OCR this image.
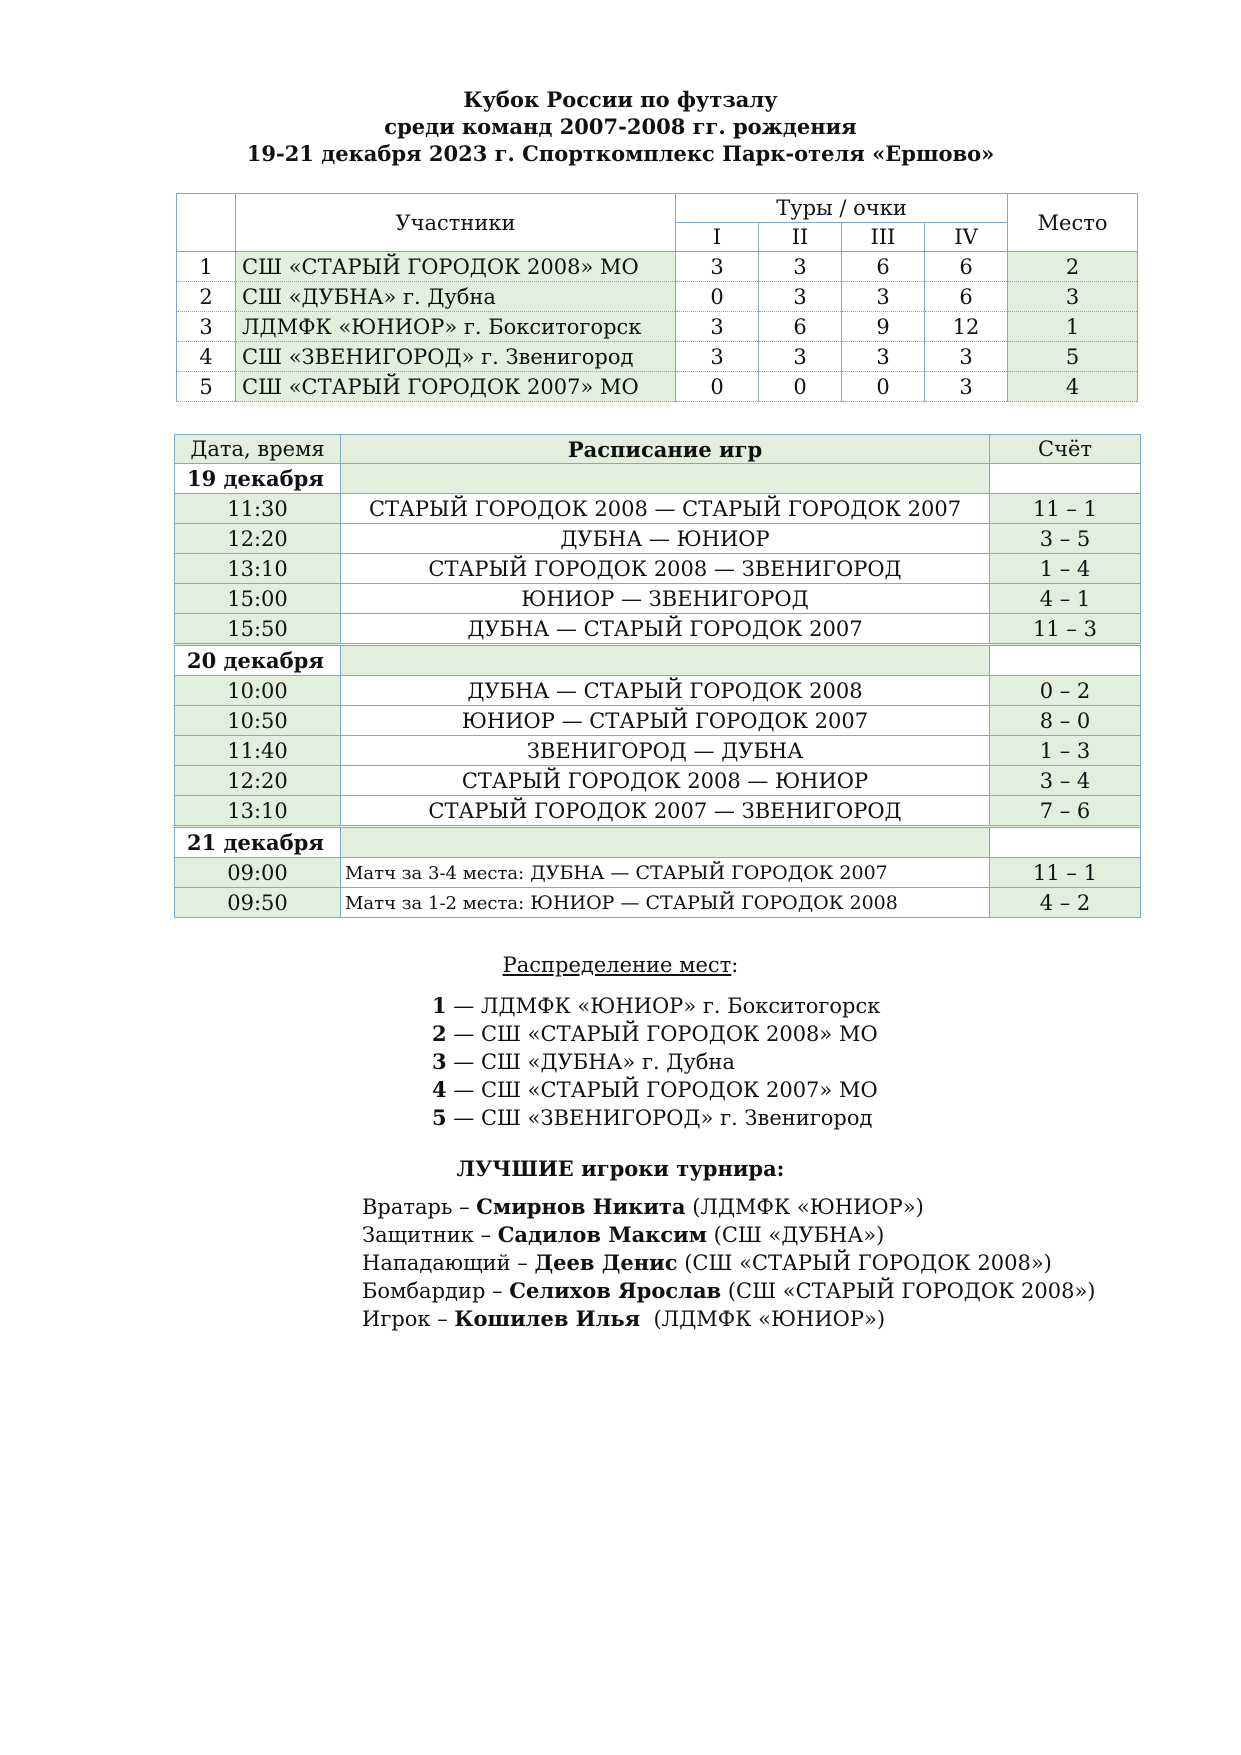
Кубок России по футзалу
среди команд 2007-2008 гг. рождения
19-21 декабря 2023 г. Спорткомплекс Парк-отеля «Ершово»
	Участники	Туры / очки				Место
		I	II	III	IV	
1	СШ «СТАРЫЙ ГОРОДОК 2008» МО	3	3	6	6	2
2	СШ «ДУБНА» г. Дубна	0	3	3	6	3
3	ЛДМФК «ЮНИОР» г. Бокситогорск	3	6	9	12	1
4	СШ «ЗВЕНИГОРОД» г. Звенигород	3	3	3	3	5
5	СШ «СТАРЫЙ ГОРОДОК 2007» МО	0	0	0	3	4
Дата, время	Расписание игр	Счёт
19 декабря		
11:30	СТАРЫЙ ГОРОДОК 2008 — СТАРЫЙ ГОРОДОК 2007	11 – 1
12:20	ДУБНА — ЮНИОР	3 – 5
13:10	СТАРЫЙ ГОРОДОК 2008 — ЗВЕНИГОРОД	1 – 4
15:00	ЮНИОР — ЗВЕНИГОРОД	4 – 1
15:50	ДУБНА — СТАРЫЙ ГОРОДОК 2007	11 – 3
20 декабря		
10:00	ДУБНА — СТАРЫЙ ГОРОДОК 2008	0 – 2
10:50	ЮНИОР — СТАРЫЙ ГОРОДОК 2007	8 – 0
11:40	ЗВЕНИГОРОД — ДУБНА	1 – 3
12:20	СТАРЫЙ ГОРОДОК 2008 — ЮНИОР	3 – 4
13:10	СТАРЫЙ ГОРОДОК 2007 — ЗВЕНИГОРОД	7 – 6
21 декабря		
09:00	Матч за 3-4 места: ДУБНА — СТАРЫЙ ГОРОДОК 2007	11 – 1
09:50	Матч за 1-2 места: ЮНИОР — СТАРЫЙ ГОРОДОК 2008	4 – 2
Распределение мест:
1 — ЛДМФК «ЮНИОР» г. Бокситогорск
2 — СШ «СТАРЫЙ ГОРОДОК 2008» МО
3 — СШ «ДУБНА» г. Дубна
4 — СШ «СТАРЫЙ ГОРОДОК 2007» МО
5 — СШ «ЗВЕНИГОРОД» г. Звенигород
ЛУЧШИЕ игроки турнира:
Вратарь – Смирнов Никита (ЛДМФК «ЮНИОР»)
Защитник – Садилов Максим (СШ «ДУБНА»)
Нападающий – Деев Денис (СШ «СТАРЫЙ ГОРОДОК 2008»)
Бомбардир – Селихов Ярослав (СШ «СТАРЫЙ ГОРОДОК 2008»)
Игрок – Кошилев Илья  (ЛДМФК «ЮНИОР»)
